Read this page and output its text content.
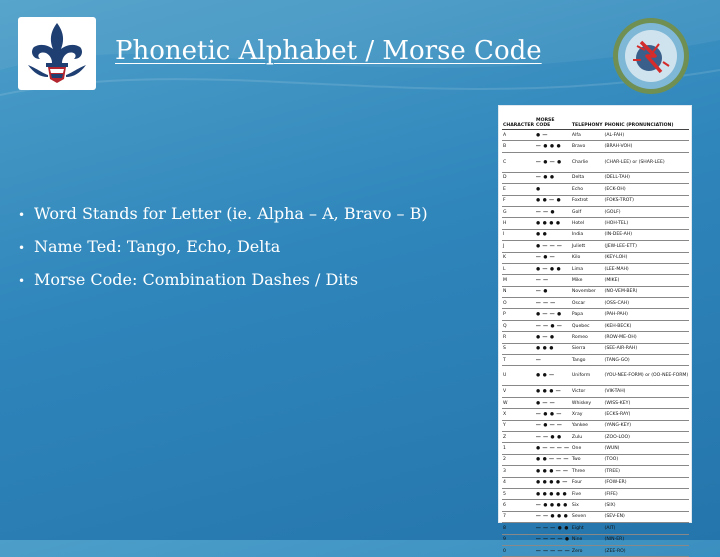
Phonetic Alphabet / Morse Code
• Word Stands for Letter (ie. Alpha – A, Bravo – B)
• Name Ted: Tango, Echo, Delta
• Morse Code: Combination Dashes / Dits
CHARACTER	MORSE CODE	TELEPHONY	PHONIC (PRONUNCIATION)
A	● ―	Alfa	(AL-FAH)
B	― ● ● ●	Bravo	(BRAH-VOH)
C	― ● ― ●	Charlie	(CHAR-LEE) or (SHAR-LEE)
D	― ● ●	Delta	(DELL-TAH)
E	●	Echo	(ECK-OH)
F	● ● ― ●	Foxtrot	(FOKS-TROT)
G	― ― ●	Golf	(GOLF)
H	● ● ● ●	Hotel	(HOH-TEL)
I	● ●	India	(IN-DEE-AH)
J	● ― ― ―	Juliett	(JEW-LEE-ETT)
K	― ● ―	Kilo	(KEY-LOH)
L	● ― ● ●	Lima	(LEE-MAH)
M	― ―	Mike	(MIKE)
N	― ●	November	(NO-VEM-BER)
O	― ― ―	Oscar	(OSS-CAH)
P	● ― ― ●	Papa	(PAH-PAH)
Q	― ― ● ―	Quebec	(KEH-BECK)
R	● ― ●	Romeo	(ROW-ME-OH)
S	● ● ●	Sierra	(SEE-AIR-RAH)
T	―	Tango	(TANG-GO)
U	● ● ―	Uniform	(YOU-NEE-FORM) or (OO-NEE-FORM)
V	● ● ● ―	Victor	(VIK-TAH)
W	● ― ―	Whiskey	(WISS-KEY)
X	― ● ● ―	Xray	(ECKS-RAY)
Y	― ● ― ―	Yankee	(YANG-KEY)
Z	― ― ● ●	Zulu	(ZOO-LOO)
1	● ― ― ― ―	One	(WUN)
2	● ● ― ― ―	Two	(TOO)
3	● ● ● ― ―	Three	(TREE)
4	● ● ● ● ―	Four	(FOW-ER)
5	● ● ● ● ●	Five	(FIFE)
6	― ● ● ● ●	Six	(SIX)
7	― ― ● ● ●	Seven	(SEV-EN)
8	― ― ― ● ●	Eight	(AIT)
9	― ― ― ― ●	Nine	(NIN-ER)
0	― ― ― ― ―	Zero	(ZEE-RO)
